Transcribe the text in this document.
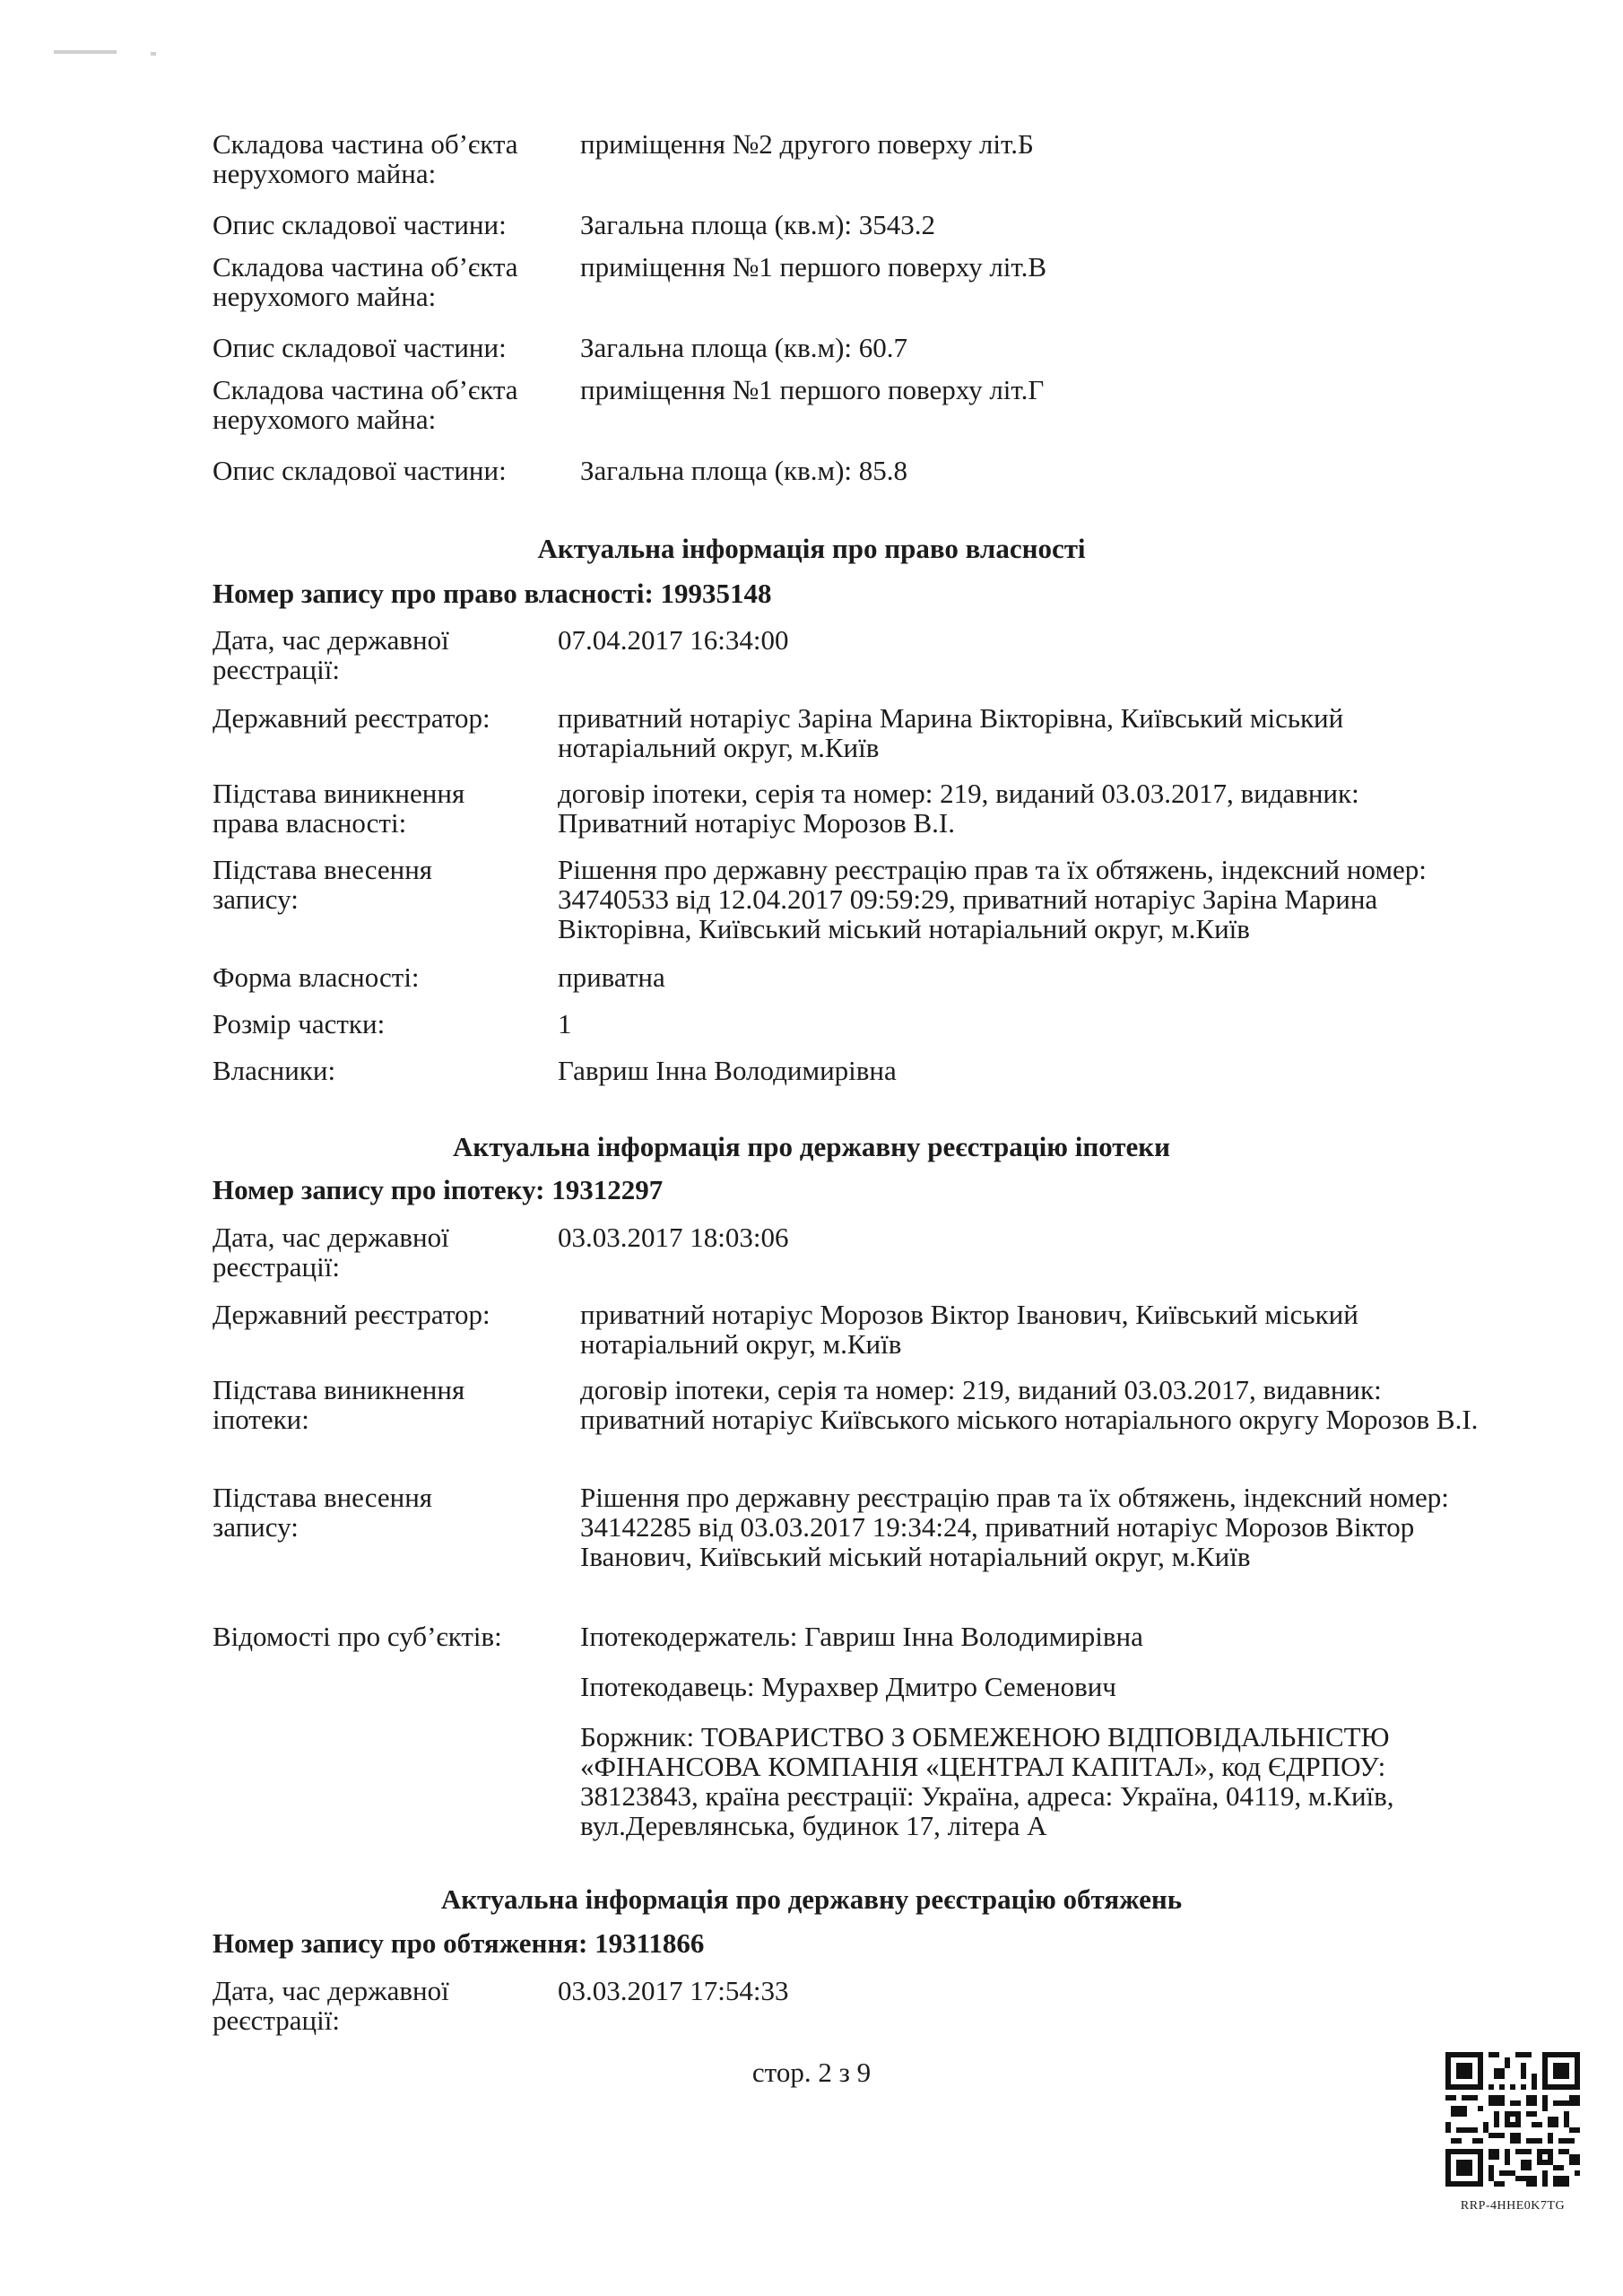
Складова частина об’єкта нерухомого майна:
приміщення №2 другого поверху літ.Б
Опис складової частини:	Загальна площа (кв.м): 3543.2
Складова частина об’єкта нерухомого майна:
приміщення №1 першого поверху літ.В
Опис складової частини:	Загальна площа (кв.м): 60.7
Складова частина об’єкта нерухомого майна:
приміщення №1 першого поверху літ.Г
Опис складової частини:	Загальна площа (кв.м): 85.8
Актуальна інформація про право власності
Номер запису про право власності: 19935148
Дата, час державної реєстрації:
07.04.2017 16:34:00
Державний реєстратор:	приватний нотаріус Заріна Марина Вікторівна, Київський міський нотаріальний округ, м.Київ
Підстава виникнення права власності:
договір іпотеки, серія та номер: 219, виданий 03.03.2017, видавник: Приватний нотаріус Морозов В.І.
Підстава внесення запису:
Рішення про державну реєстрацію прав та їх обтяжень, індексний номер: 34740533 від 12.04.2017 09:59:29, приватний нотаріус Заріна Марина Вікторівна, Київський міський нотаріальний округ, м.Київ
Форма власності:	приватна
Розмір частки:	1
Власники:	Гавриш Інна Володимирівна
Актуальна інформація про державну реєстрацію іпотеки
Номер запису про іпотеку: 19312297
Дата, час державної реєстрації:
03.03.2017 18:03:06
Державний реєстратор:	приватний нотаріус Морозов Віктор Іванович, Київський міський нотаріальний округ, м.Київ
Підстава виникнення іпотеки:
договір іпотеки, серія та номер: 219, виданий 03.03.2017, видавник: приватний нотаріус Київського міського нотаріального округу Морозов В.І.
Підстава внесення запису:
Рішення про державну реєстрацію прав та їх обтяжень, індексний номер: 34142285 від 03.03.2017 19:34:24, приватний нотаріус Морозов Віктор Іванович, Київський міський нотаріальний округ, м.Київ
Відомості про суб’єктів:	Іпотекодержатель: Гавриш Інна Володимирівна
Іпотекодавець: Мурахвер Дмитро Семенович
Боржник: ТОВАРИСТВО З ОБМЕЖЕНОЮ ВІДПОВІДАЛЬНІСТЮ «ФІНАНСОВА КОМПАНІЯ «ЦЕНТРАЛ КАПІТАЛ», код ЄДРПОУ: 38123843, країна реєстрації: Україна, адреса: Україна, 04119, м.Київ, вул.Деревлянська, будинок 17, літера А
Актуальна інформація про державну реєстрацію обтяжень
Номер запису про обтяження: 19311866
Дата, час державної реєстрації:
03.03.2017 17:54:33
стор. 2 з 9
RRP-4HHE0K7TG
